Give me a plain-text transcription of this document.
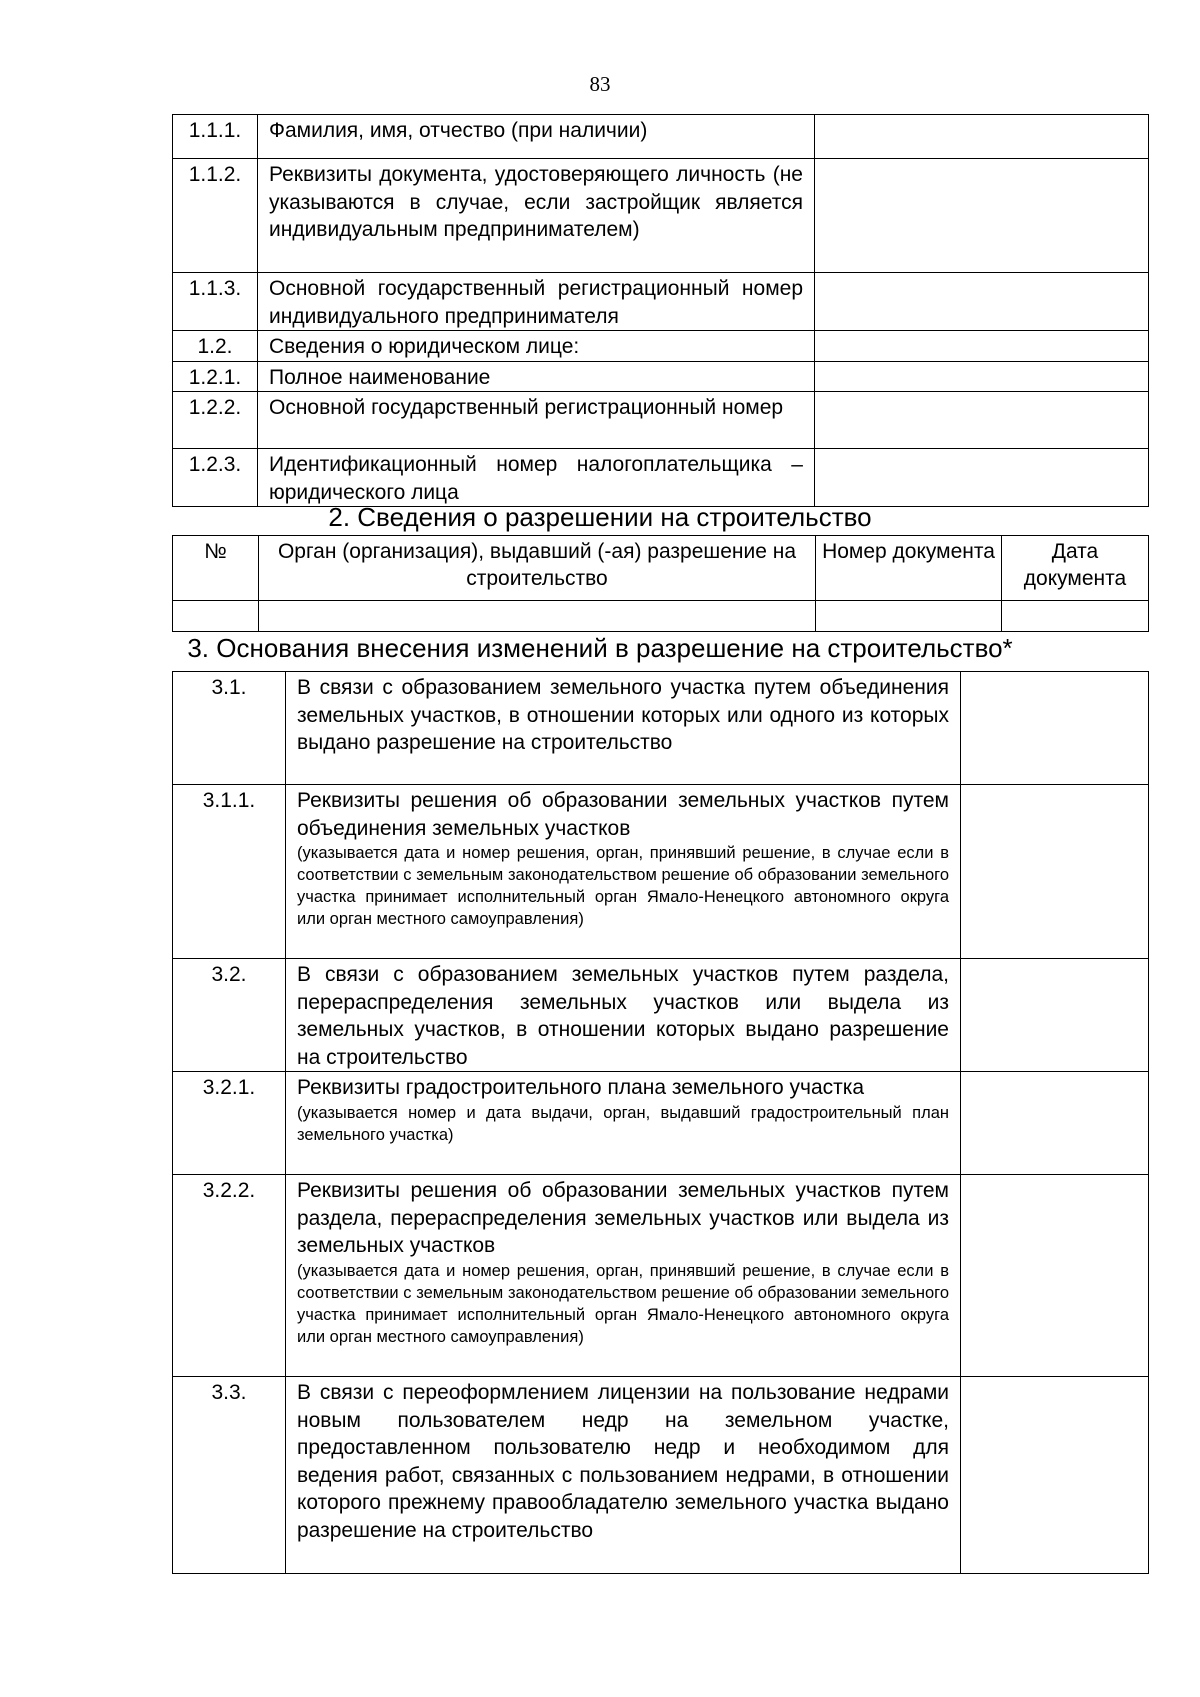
83
1.1.1.	Фамилия, имя, отчество (при наличии)	
1.1.2.	Реквизиты документа, удостоверяющего личность (не указываются в случае, если застройщик является индивидуальным предпринимателем)	
1.1.3.	Основной государственный регистрационный номер индивидуального предпринимателя	
1.2.	Сведения о юридическом лице:	
1.2.1.	Полное наименование	
1.2.2.	Основной государственный регистрационный номер	
1.2.3.	Идентификационный номер налогоплательщика – юридического лица	
2. Сведения о разрешении на строительство
№	Орган (организация), выдавший (-ая) разрешение на строительство	Номер документа	Дата документа

3. Основания внесения изменений в разрешение на строительство*
3.1.	В связи с образованием земельного участка путем объединения земельных участков, в отношении которых или одного из которых выдано разрешение на строительство	

3.1.1.	Реквизиты решения об образовании земельных участков путем объединения земельных участков
(указывается дата и номер решения, орган, принявший решение, в случае если в соответствии с земельным законодательством решение об образовании земельного участка принимает исполнительный орган Ямало-Ненецкого автономного округа или орган местного самоуправления)	

3.2.	В связи с образованием земельных участков путем раздела, перераспределения земельных участков или выдела из земельных участков, в отношении которых выдано разрешение на строительство	

3.2.1.	Реквизиты градостроительного плана земельного участка
(указывается номер и дата выдачи, орган, выдавший градостроительный план земельного участка)	

3.2.2.	Реквизиты решения об образовании земельных участков путем раздела, перераспределения земельных участков или выдела из земельных участков
(указывается дата и номер решения, орган, принявший решение, в случае если в соответствии с земельным законодательством решение об образовании земельного участка принимает исполнительный орган Ямало-Ненецкого автономного округа или орган местного самоуправления)	

3.3.	В связи с переоформлением лицензии на пользование недрами новым пользователем недр на земельном участке, предоставленном пользователю недр и необходимом для ведения работ, связанных с пользованием недрами, в отношении которого прежнему правообладателю земельного участка выдано разрешение на строительство	
